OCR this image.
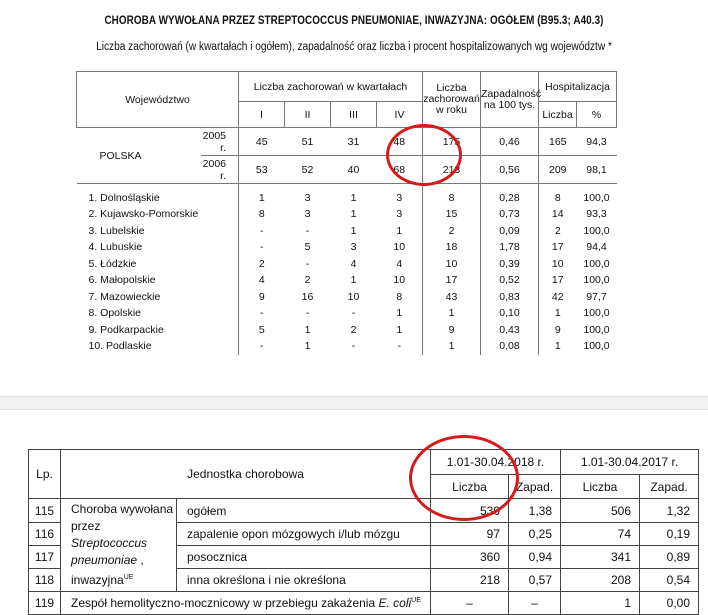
CHOROBA WYWOŁANA PRZEZ STREPTOCOCCUS PNEUMONIAE, INWAZYJNA: OGÓŁEM (B95.3; A40.3)
Liczba zachorowań (w kwartałach i ogółem), zapadalność oraz liczba i procent hospitalizowanych wg województw *
Województwo		Liczba zachorowań w kwartałach				Liczba zachorowań w roku	Zapadalność na 100 tys.	Hospitalizacja	
		I	II	III	IV			Liczba	%
POLSKA	2005 r.	45	51	31	48	175	0,46	165	94,3
	2006 r.	53	52	40	68	213	0,56	209	98,1

1. Dolnośląskie		1	3	1	3	8	0,28	8	100,0
2. Kujawsko-Pomorskie		8	3	1	3	15	0,73	14	93,3
3. Lubelskie		-	-	1	1	2	0,09	2	100,0
4. Lubuskie		-	5	3	10	18	1,78	17	94,4
5. Łódzkie		2	-	4	4	10	0,39	10	100,0
6. Małopolskie		4	2	1	10	17	0,52	17	100,0
7. Mazowieckie		9	16	10	8	43	0,83	42	97,7
8. Opolskie		-	-	-	1	1	0,10	1	100,0
9. Podkarpackie		5	1	2	1	9	0,43	9	100,0
10. Podlaskie		-	1	-	-	1	0,08	1	100,0
Lp.	Jednostka chorobowa		1.01-30.04.2018 r.		1.01-30.04.2017 r.	
			Liczba	Zapad.	Liczba	Zapad.
115	Choroba wywołana
przez Streptococcus
pneumoniae ,
inwazyjna$^{UE}$	ogółem	530	1,38	506	1,32
116		zapalenie opon mózgowych i/lub mózgu	97	0,25	74	0,19
117		posocznica	360	0,94	341	0,89
118		inna określona i nie określona	218	0,57	208	0,54
119	Zespół hemolityczno-mocznicowy w przebiegu zakażenia E. coli$^{UE}$		–	–	1	0,00
